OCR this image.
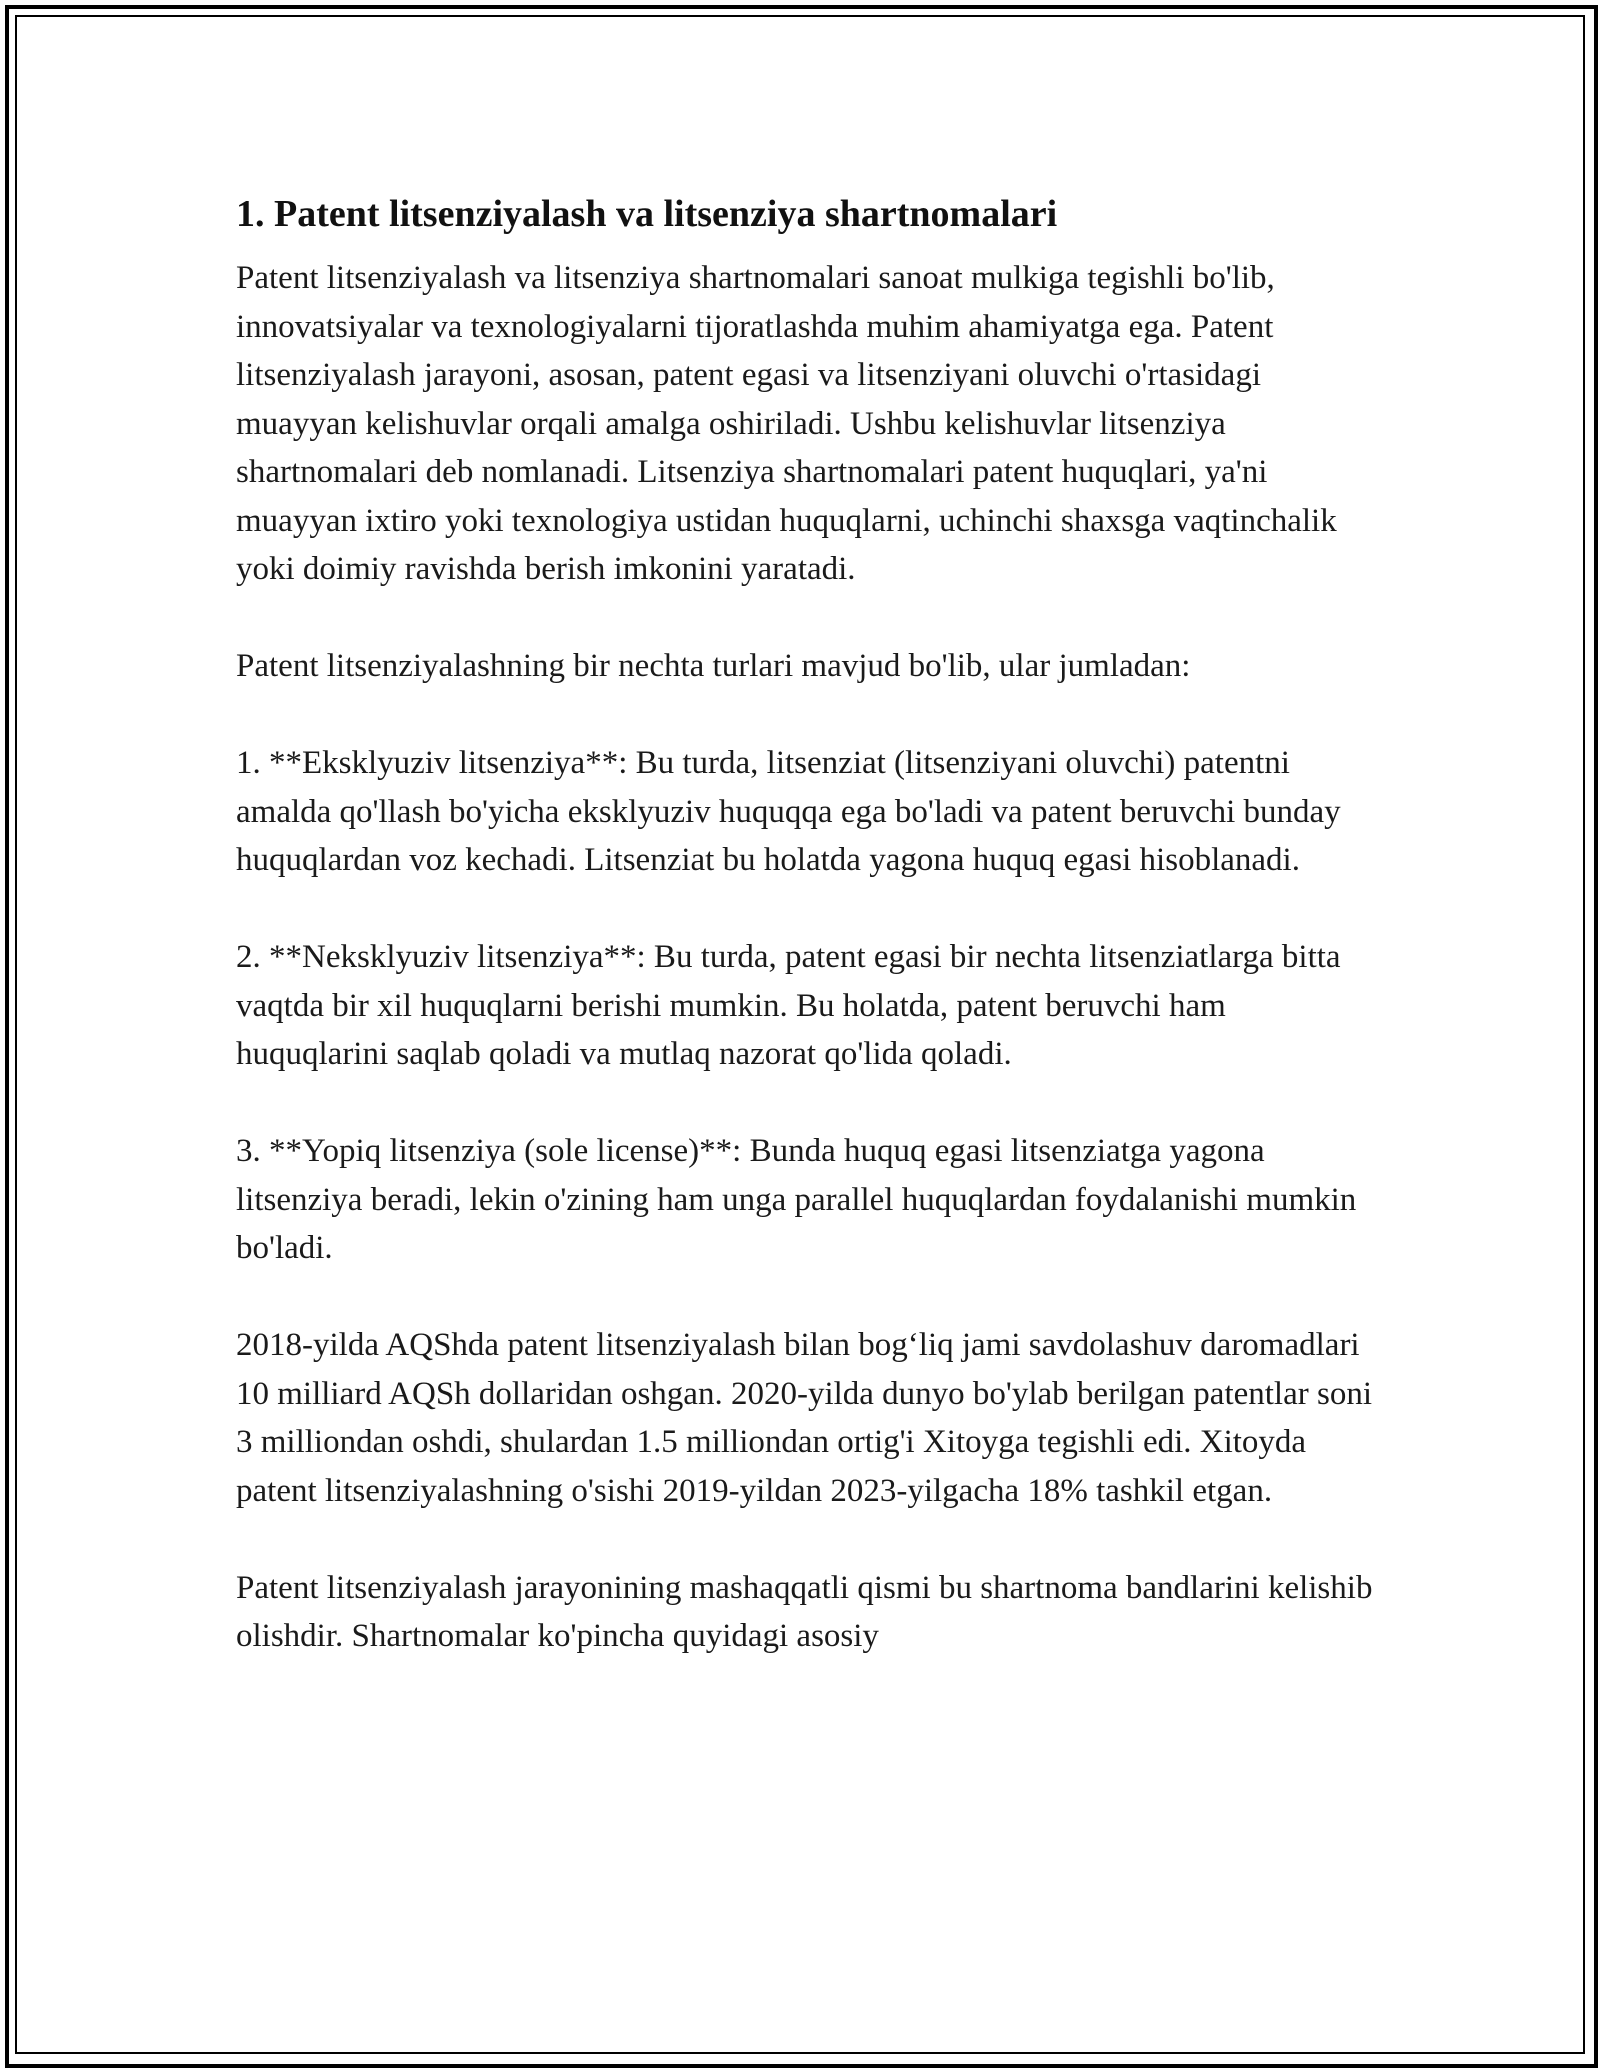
1. Patent litsenziyalash va litsenziya shartnomalari

Patent litsenziyalash va litsenziya shartnomalari sanoat mulkiga tegishli bo'lib, innovatsiyalar va texnologiyalarni tijoratlashda muhim ahamiyatga ega. Patent litsenziyalash jarayoni, asosan, patent egasi va litsenziyani oluvchi o'rtasidagi muayyan kelishuvlar orqali amalga oshiriladi. Ushbu kelishuvlar litsenziya shartnomalari deb nomlanadi. Litsenziya shartnomalari patent huquqlari, ya'ni muayyan ixtiro yoki texnologiya ustidan huquqlarni, uchinchi shaxsga vaqtinchalik yoki doimiy ravishda berish imkonini yaratadi.

Patent litsenziyalashning bir nechta turlari mavjud bo'lib, ular jumladan:

1. **Eksklyuziv litsenziya**: Bu turda, litsenziat (litsenziyani oluvchi) patentni amalda qo'llash bo'yicha eksklyuziv huquqqa ega bo'ladi va patent beruvchi bunday huquqlardan voz kechadi. Litsenziat bu holatda yagona huquq egasi hisoblanadi.

2. **Neksklyuziv litsenziya**: Bu turda, patent egasi bir nechta litsenziatlarga bitta vaqtda bir xil huquqlarni berishi mumkin. Bu holatda, patent beruvchi ham huquqlarini saqlab qoladi va mutlaq nazorat qo'lida qoladi.

3. **Yopiq litsenziya (sole license)**: Bunda huquq egasi litsenziatga yagona litsenziya beradi, lekin o'zining ham unga parallel huquqlardan foydalanishi mumkin bo'ladi.

2018-yilda AQShda patent litsenziyalash bilan bog‘liq jami savdolashuv daromadlari 10 milliard AQSh dollaridan oshgan. 2020-yilda dunyo bo'ylab berilgan patentlar soni 3 milliondan oshdi, shulardan 1.5 milliondan ortig'i Xitoyga tegishli edi. Xitoyda patent litsenziyalashning o'sishi 2019-yildan 2023-yilgacha 18% tashkil etgan.

Patent litsenziyalash jarayonining mashaqqatli qismi bu shartnoma bandlarini kelishib olishdir. Shartnomalar ko'pincha quyidagi asosiy
